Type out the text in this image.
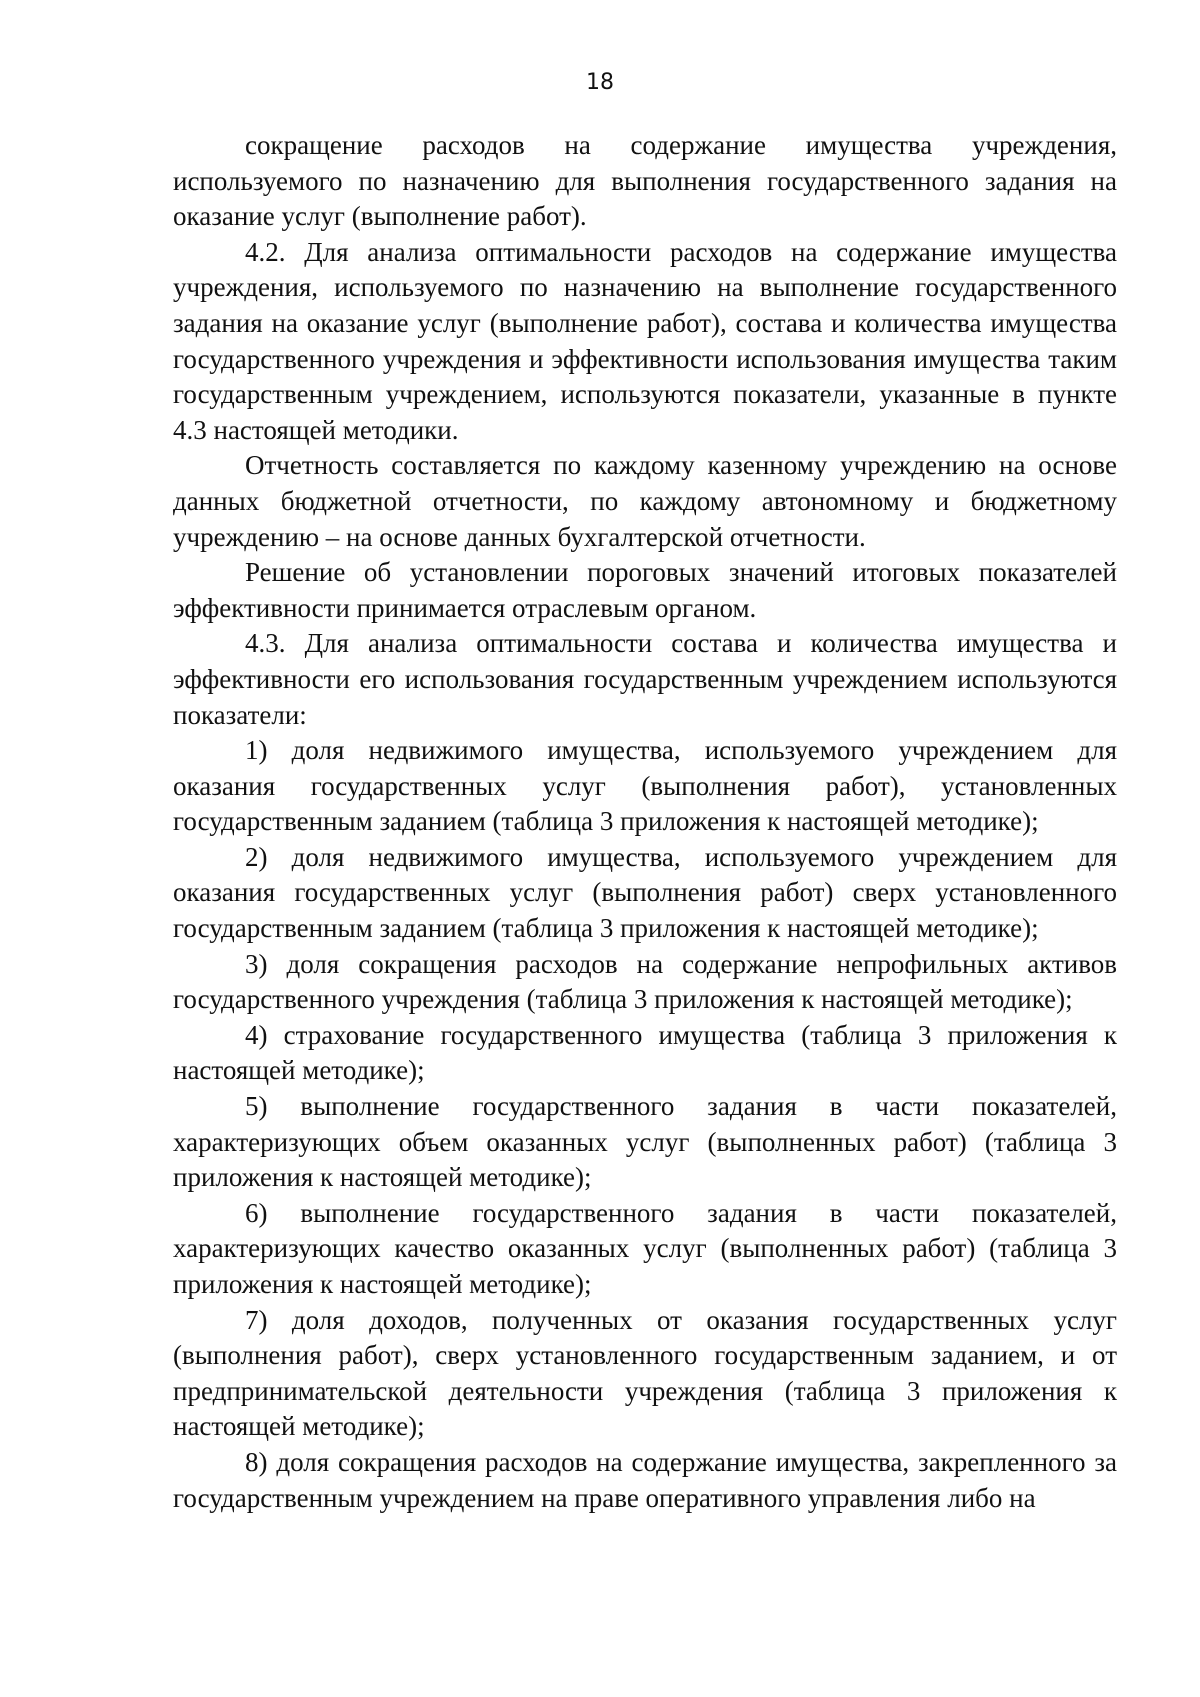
18

сокращение расходов на содержание имущества учреждения, используемого по назначению для выполнения государственного задания на оказание услуг (выполнение работ).

4.2. Для анализа оптимальности расходов на содержание имущества учреждения, используемого по назначению на выполнение государственного задания на оказание услуг (выполнение работ), состава и количества имущества государственного учреждения и эффективности использования имущества таким государственным учреждением, используются показатели, указанные в пункте 4.3 настоящей методики.

Отчетность составляется по каждому казенному учреждению на основе данных бюджетной отчетности, по каждому автономному и бюджетному учреждению – на основе данных бухгалтерской отчетности.

Решение об установлении пороговых значений итоговых показателей эффективности принимается отраслевым органом.

4.3. Для анализа оптимальности состава и количества имущества и эффективности его использования государственным учреждением используются показатели:

1) доля недвижимого имущества, используемого учреждением для оказания государственных услуг (выполнения работ), установленных государственным заданием (таблица 3 приложения к настоящей методике);

2) доля недвижимого имущества, используемого учреждением для оказания государственных услуг (выполнения работ) сверх установленного государственным заданием (таблица 3 приложения к настоящей методике);

3) доля сокращения расходов на содержание непрофильных активов государственного учреждения (таблица 3 приложения к настоящей методике);

4) страхование государственного имущества (таблица 3 приложения к настоящей методике);

5) выполнение государственного задания в части показателей, характеризующих объем оказанных услуг (выполненных работ) (таблица 3 приложения к настоящей методике);

6) выполнение государственного задания в части показателей, характеризующих качество оказанных услуг (выполненных работ) (таблица 3 приложения к настоящей методике);

7) доля доходов, полученных от оказания государственных услуг (выполнения работ), сверх установленного государственным заданием, и от предпринимательской деятельности учреждения (таблица 3 приложения к настоящей методике);

8) доля сокращения расходов на содержание имущества, закрепленного за государственным учреждением на праве оперативного управления либо на
